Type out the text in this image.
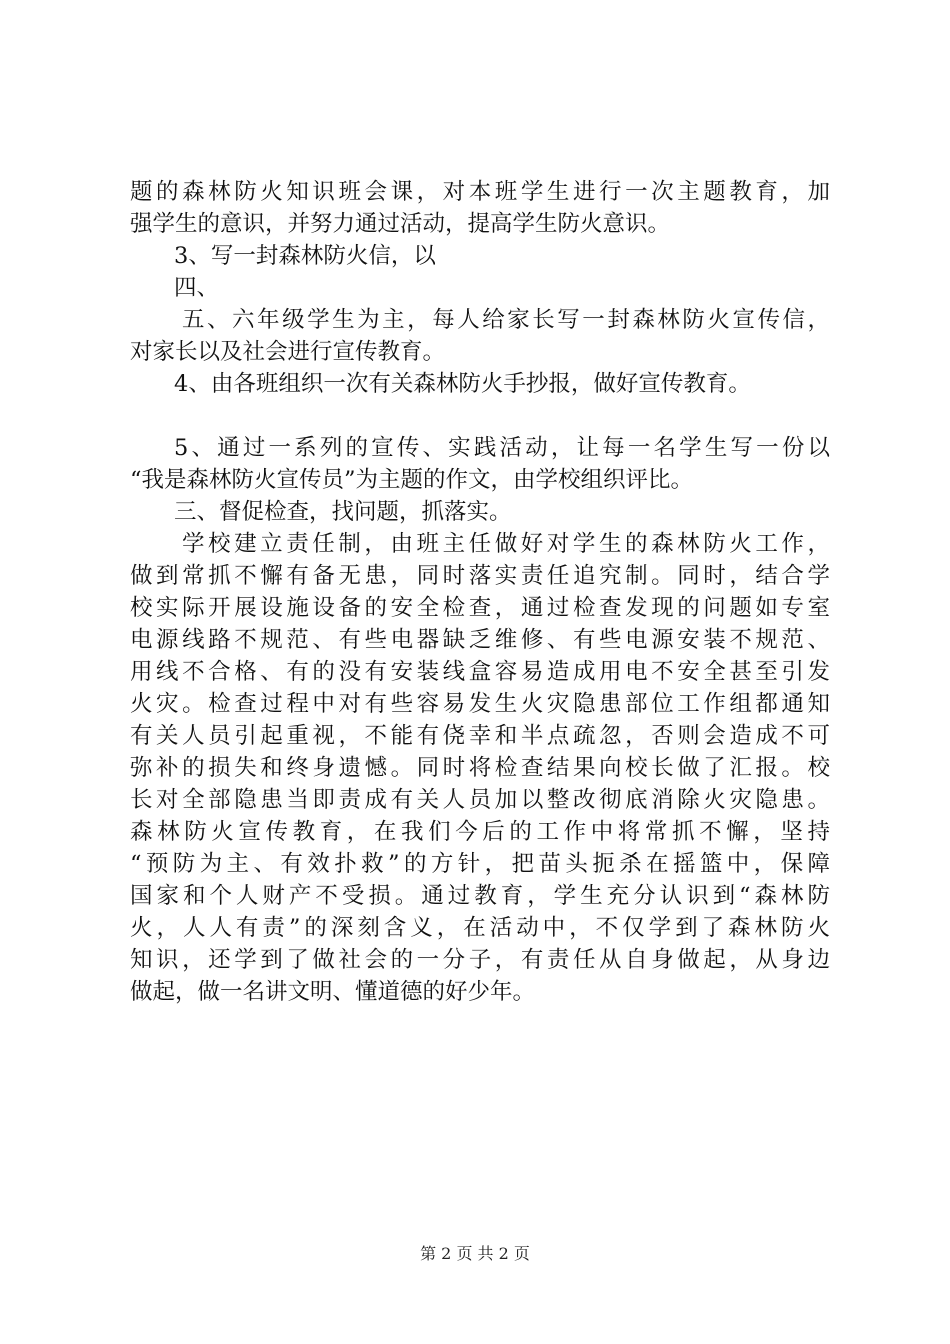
题的森林防火知识班会课，对本班学生进行一次主题教育，加
强学生的意识，并努力通过活动，提高学生防火意识。
3、写一封森林防火信，以
四、
五、六年级学生为主，每人给家长写一封森林防火宣传信，
对家长以及社会进行宣传教育。
4、由各班组织一次有关森林防火手抄报，做好宣传教育。
5、通过一系列的宣传、实践活动，让每一名学生写一份以
“我是森林防火宣传员”为主题的作文，由学校组织评比。
三、督促检查，找问题，抓落实。
学校建立责任制，由班主任做好对学生的森林防火工作，
做到常抓不懈有备无患，同时落实责任追究制。同时，结合学
校实际开展设施设备的安全检查，通过检查发现的问题如专室
电源线路不规范、有些电器缺乏维修、有些电源安装不规范、
用线不合格、有的没有安装线盒容易造成用电不安全甚至引发
火灾。检查过程中对有些容易发生火灾隐患部位工作组都通知
有关人员引起重视，不能有侥幸和半点疏忽，否则会造成不可
弥补的损失和终身遗憾。同时将检查结果向校长做了汇报。校
长对全部隐患当即责成有关人员加以整改彻底消除火灾隐患。
森林防火宣传教育，在我们今后的工作中将常抓不懈，坚持
“预防为主、有效扑救”的方针，把苗头扼杀在摇篮中，保障
国家和个人财产不受损。通过教育，学生充分认识到“森林防
火，人人有责”的深刻含义，在活动中，不仅学到了森林防火
知识，还学到了做社会的一分子，有责任从自身做起，从身边
做起，做一名讲文明、懂道德的好少年。
第 2 页 共 2 页
